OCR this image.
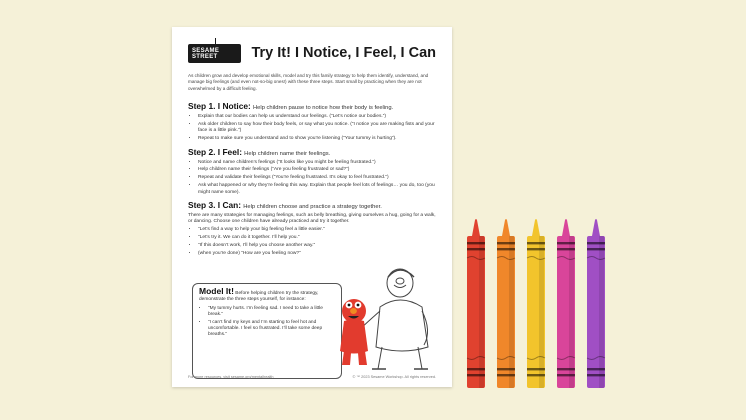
SESAME STREET	Try It! I Notice, I Feel, I Can
As children grow and develop emotional skills, model and try this family strategy to help them identify, understand, and manage big feelings (and even not-so-big ones!) with these three steps. Start small by practicing when they are not overwhelmed by a difficult feeling.
Step 1. I Notice: Help children pause to notice how their body is feeling.
• Explain that our bodies can help us understand our feelings. (“Let’s notice our bodies.”)
• Ask older children to say how their body feels, or say what you notice. (“I notice you are making fists and your face is a little pink.”)
• Repeat to make sure you understand and to show you’re listening (“Your tummy is hurting”).
Step 2. I Feel: Help children name their feelings.
• Notice and name children’s feelings (“It looks like you might be feeling frustrated.”)
• Help children name their feelings (“Are you feeling frustrated or sad?”)
• Repeat and validate their feelings (“You’re feeling frustrated. It’s okay to feel frustrated.”)
• Ask what happened or why they’re feeling this way. Explain that people feel lots of feelings… you do, too (you might name some).
Step 3. I Can: Help children choose and practice a strategy together.
There are many strategies for managing feelings, such as belly breathing, giving ourselves a hug, going for a walk, or dancing. Choose one children have already practiced and try it together.
• “Let’s find a way to help your big feeling feel a little easier.”
• “Let’s try it. We can do it together. I’ll help you.”
• “If this doesn’t work, I’ll help you choose another way.”
• (when you’re done) “How are you feeling now?”
Model It! Before helping children try the strategy, demonstrate the three steps yourself, for instance:
• “My tummy hurts. I’m feeling sad. I need to take a little break.”
• “I can’t find my keys and I’m starting to feel hot and uncomfortable. I feel so frustrated. I’ll take some deep breaths.”
For more resources, visit sesame.org/mentalhealth	© ™ 2023 Sesame Workshop. All rights reserved.
